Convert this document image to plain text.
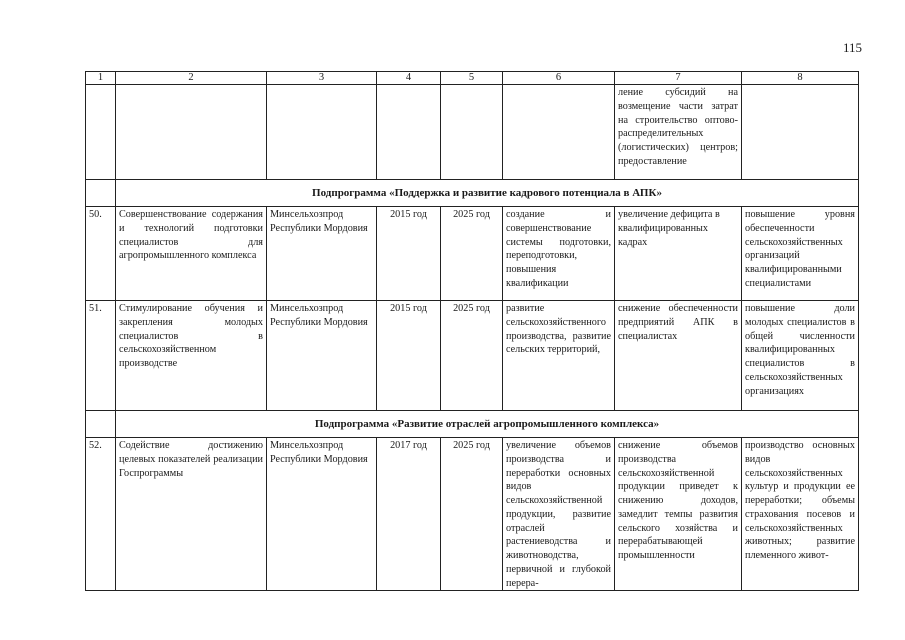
115
1	2	3	4	5	6	7	8
						ление субсидий на возмещение части затрат на строительство оптово-распределительных (логистических) центров; предоставление	
	Подпрограмма «Поддержка и развитие кадрового потенциала в АПК»						
50.	Совершенствование содержания и технологий подготовки специалистов для агропромышленного комплекса	Минсельхозпрод Республики Мордовия	2015 год	2025 год	создание и совершенствование системы подготовки, переподготовки, повышения квалификации	увеличение дефицита в квалифицированных кадрах	повышение уровня обеспеченности сельскохозяйственных организаций квалифицированными специалистами
51.	Стимулирование обучения и закрепления молодых специалистов в сельскохозяйственном производстве	Минсельхозпрод Республики Мордовия	2015 год	2025 год	развитие сельскохозяйственного производства, развитие сельских территорий,	снижение обеспеченности предприятий АПК в специалистах	повышение доли молодых специалистов в общей численности квалифицированных специалистов в сельскохозяйственных организациях
	Подпрограмма «Развитие отраслей агропромышленного комплекса»						
52.	Содействие достижению целевых показателей реализации Госпрограммы	Минсельхозпрод Республики Мордовия	2017 год	2025 год	увеличение объемов производства и переработки основных видов сельскохозяйственной продукции, развитие отраслей растениеводства и животноводства, первичной и глубокой перера-	снижение объемов производства сельскохозяйственной продукции приведет к снижению доходов, замедлит темпы развития сельского хозяйства и перерабатывающей промышленности	производство основных видов сельскохозяйственных культур и продукции ее переработки; объемы страхования посевов и сельскохозяйственных животных; развитие племенного живот-
